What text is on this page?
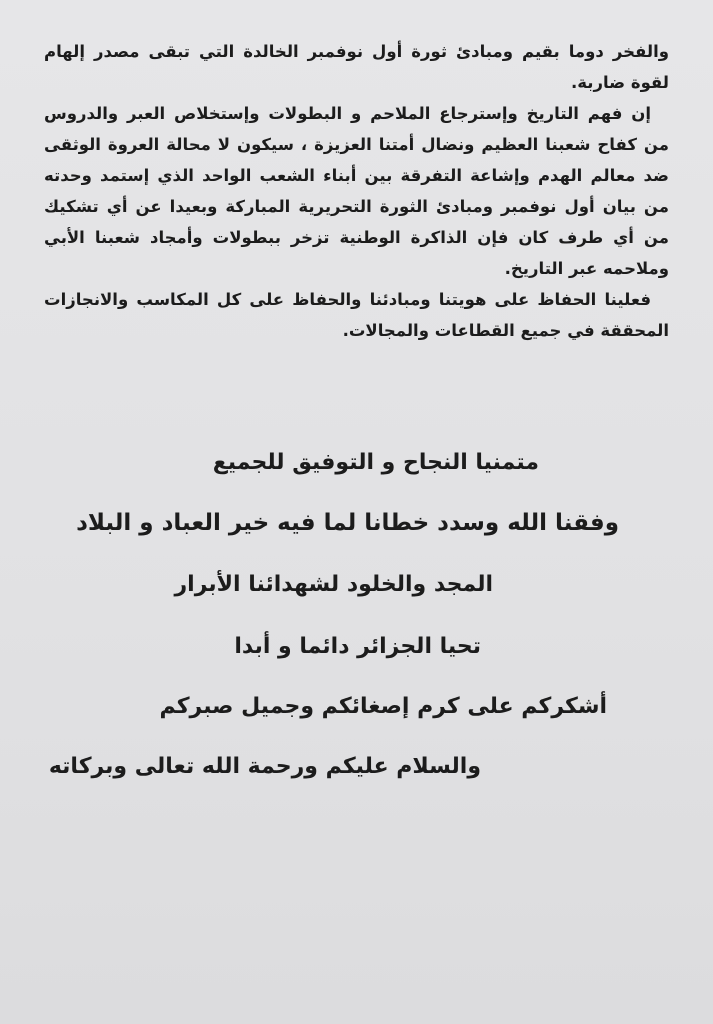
والفخر دوما بقيم ومبادئ ثورة أول نوفمبر الخالدة التي تبقى مصدر إلهام لقوة ضاربة.

إن فهم التاريخ وإسترجاع الملاحم و البطولات وإستخلاص العبر والدروس من كفاح شعبنا العظيم ونضال أمتنا العزيزة ، سيكون لا محالة العروة الوثقى ضد معالم الهدم وإشاعة التفرقة بين أبناء الشعب الواحد الذي إستمد وحدته من بيان أول نوفمبر ومبادئ الثورة التحريرية المباركة وبعيدا عن أي تشكيك من أي طرف كان فإن الذاكرة الوطنية تزخر ببطولات وأمجاد شعبنا الأبي وملاحمه عبر التاريخ.

فعلينا الحفاظ على هويتنا ومبادئنا والحفاظ على كل المكاسب والانجازات المحققة في جميع القطاعات والمجالات.

متمنيا النجاح و التوفيق للجميع
وفقنا الله وسدد خطانا لما فيه خير العباد و البلاد
المجد والخلود لشهدائنا الأبرار
تحيا الجزائر دائما و أبدا
أشكركم على كرم إصغائكم وجميل صبركم
والسلام عليكم ورحمة الله تعالى وبركاته
